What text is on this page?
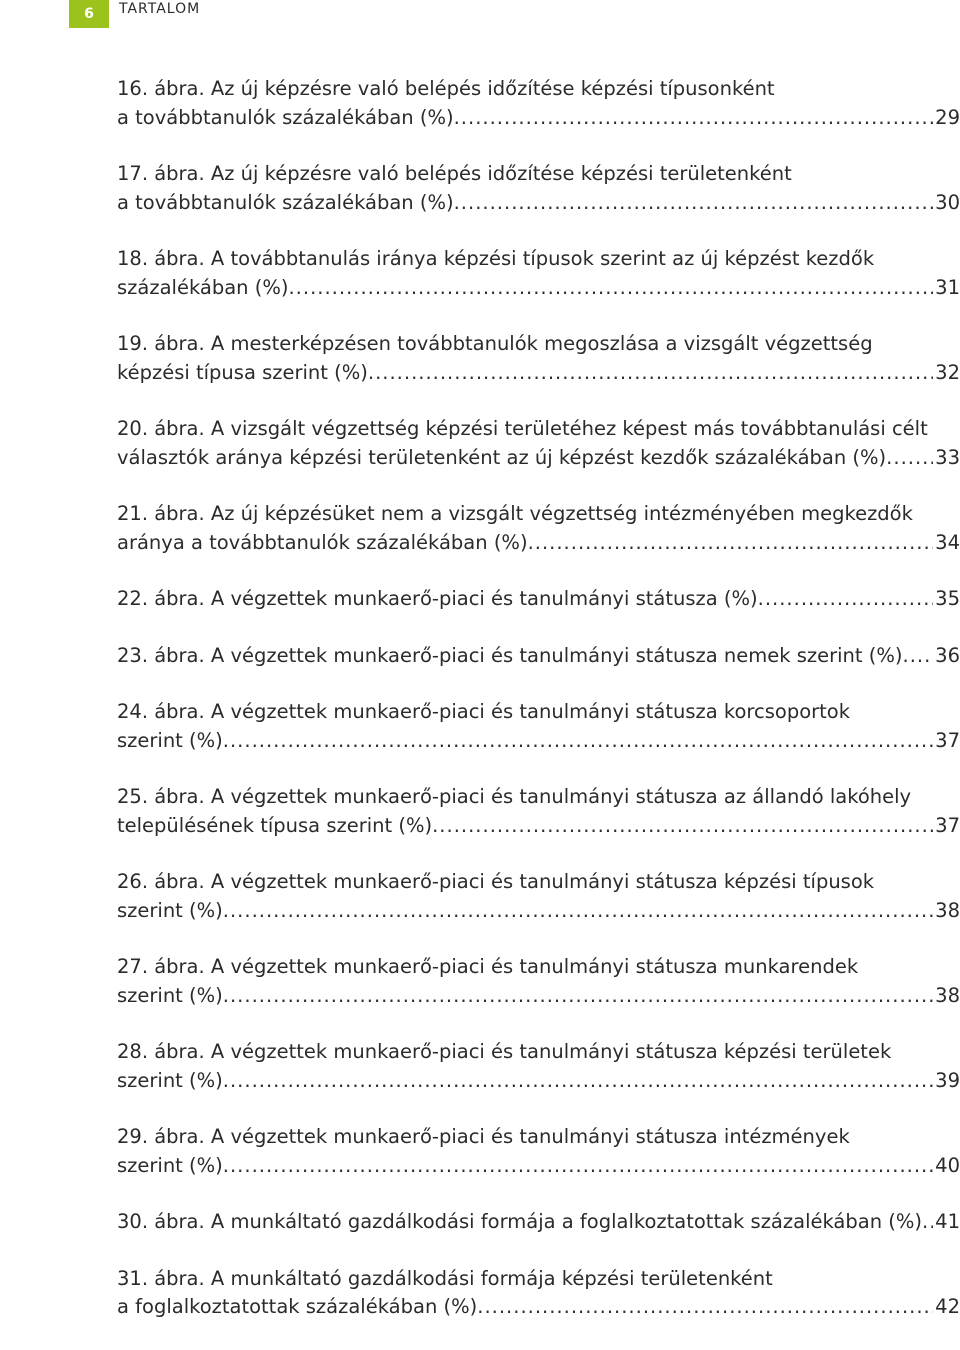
6	TARTALOM
16. ábra. Az új képzésre való belépés időzítése képzési típusonként
a továbbtanulók százalékában (%) .....	29
17. ábra. Az új képzésre való belépés időzítése képzési területenként
a továbbtanulók százalékában (%) .....	30
18. ábra. A továbbtanulás iránya képzési típusok szerint az új képzést kezdők
százalékában (%) .....	31
19. ábra. A mesterképzésen továbbtanulók megoszlása a vizsgált végzettség
képzési típusa szerint (%) .....	32
20. ábra. A vizsgált végzettség képzési területéhez képest más továbbtanulási célt
választók aránya képzési területenként az új képzést kezdők százalékában (%) .....	33
21. ábra. Az új képzésüket nem a vizsgált végzettség intézményében megkezdők
aránya a továbbtanulók százalékában (%) .....	34
22. ábra. A végzettek munkaerő-piaci és tanulmányi státusza (%) .....	35
23. ábra. A végzettek munkaerő-piaci és tanulmányi státusza nemek szerint (%) ..... 36
24. ábra. A végzettek munkaerő-piaci és tanulmányi státusza korcsoportok
szerint (%) .....	37
25. ábra. A végzettek munkaerő-piaci és tanulmányi státusza az állandó lakóhely
településének típusa szerint (%) .....	37
26. ábra. A végzettek munkaerő-piaci és tanulmányi státusza képzési típusok
szerint (%) .....	38
27. ábra. A végzettek munkaerő-piaci és tanulmányi státusza munkarendek
szerint (%) .....	38
28. ábra. A végzettek munkaerő-piaci és tanulmányi státusza képzési területek
szerint (%) .....	39
29. ábra. A végzettek munkaerő-piaci és tanulmányi státusza intézmények
szerint (%) .....	40
30. ábra. A munkáltató gazdálkodási formája a foglalkoztatottak százalékában (%) ..... 41
31. ábra. A munkáltató gazdálkodási formája képzési területenként
a foglalkoztatottak százalékában (%) .....	42
